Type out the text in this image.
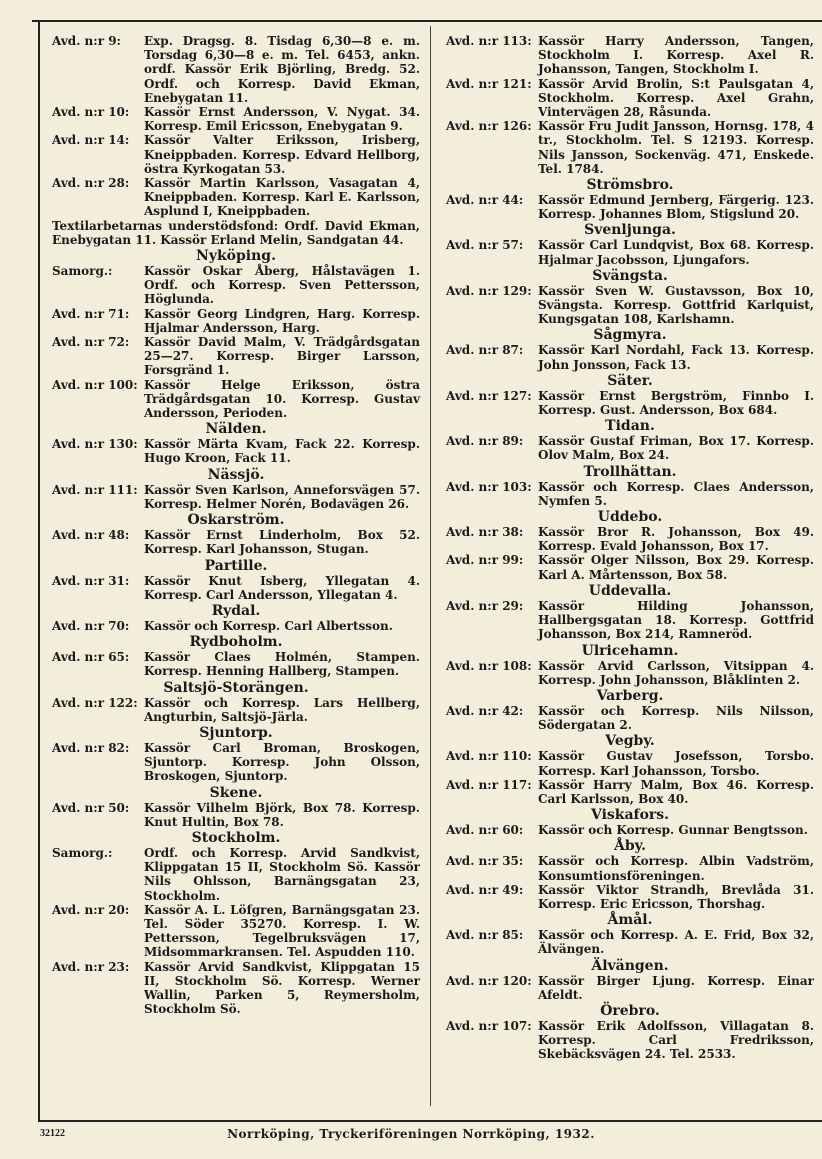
Avd. n:r 9:	Exp. Dragsg. 8. Tisdag 6,30—8 e. m. Torsdag 6,30—8 e. m. Tel. 6453, ankn. ordf. Kassör Erik Björling, Bredg. 52. Ordf. och Korresp. David Ekman, Enebygatan 11.
Avd. n:r 10:	Kassör Ernst Andersson, V. Nygat. 34. Korresp. Emil Ericsson, Enebygatan 9.
Avd. n:r 14:	Kassör Valter Eriksson, Irisberg, Kneippbaden. Korresp. Edvard Hellborg, östra Kyrkogatan 53.
Avd. n:r 28:	Kassör Martin Karlsson, Vasagatan 4, Kneippbaden. Korresp. Karl E. Karlsson, Asplund I, Kneippbaden.
Textilarbetarnas understödsfond: Ordf. David Ekman, Enebygatan 11. Kassör Erland Melin, Sandgatan 44.
Nyköping.
Samorg.:	Kassör Oskar Åberg, Hålstavägen 1. Ordf. och Korresp. Sven Pettersson, Höglunda.
Avd. n:r 71:	Kassör Georg Lindgren, Harg. Korresp. Hjalmar Andersson, Harg.
Avd. n:r 72:	Kassör David Malm, V. Trädgårdsgatan 25—27. Korresp. Birger Larsson, Forsgränd 1.
Avd. n:r 100: Kassör Helge Eriksson, östra Trädgårdsgatan 10. Korresp. Gustav Andersson, Perioden.
Nälden.
Avd. n:r 130: Kassör Märta Kvam, Fack 22. Korresp. Hugo Kroon, Fack 11.
Nässjö.
Avd. n:r 111: Kassör Sven Karlson, Anneforsvägen 57. Korresp. Helmer Norén, Bodavägen 26.
Oskarström.
Avd. n:r 48:	Kassör Ernst Linderholm, Box 52. Korresp. Karl Johansson, Stugan.
Partille.
Avd. n:r 31:	Kassör Knut Isberg, Yllegatan 4. Korresp. Carl Andersson, Yllegatan 4.
Rydal.
Avd. n:r 70:	Kassör och Korresp. Carl Albertsson.
Rydboholm.
Avd. n:r 65:	Kassör Claes Holmén, Stampen. Korresp. Henning Hallberg, Stampen.
Saltsjö-Storängen.
Avd. n:r 122: Kassör och Korresp. Lars Hellberg, Angturbin, Saltsjö-Järla.
Sjuntorp.
Avd. n:r 82:	Kassör Carl Broman, Broskogen, Sjuntorp. Korresp. John Olsson, Broskogen, Sjuntorp.
Skene.
Avd. n:r 50:	Kassör Vilhelm Björk, Box 78. Korresp. Knut Hultin, Box 78.
Stockholm.
Samorg.:	Ordf. och Korresp. Arvid Sandkvist, Klippgatan 15 II, Stockholm Sö. Kassör Nils Ohlsson, Barnängsgatan 23, Stockholm.
Avd. n:r 20:	Kassör A. L. Löfgren, Barnängsgatan 23. Tel. Söder 35270. Korresp. I. W. Pettersson, Tegelbruksvägen 17, Midsommarkransen. Tel. Aspudden 110.
Avd. n:r 23:	Kassör Arvid Sandkvist, Klippgatan 15 II, Stockholm Sö. Korresp. Werner Wallin, Parken 5, Reymersholm, Stockholm Sö.
Avd. n:r 113: Kassör Harry Andersson, Tangen, Stockholm I. Korresp. Axel R. Johansson, Tangen, Stockholm I.
Avd. n:r 121: Kassör Arvid Brolin, S:t Paulsgatan 4, Stockholm. Korresp. Axel Grahn, Vintervägen 28, Råsunda.
Avd. n:r 126: Kassör Fru Judit Jansson, Hornsg. 178, 4 tr., Stockholm. Tel. S 12193. Korresp. Nils Jansson, Sockenväg. 471, Enskede. Tel. 1784.
Strömsbro.
Avd. n:r 44:	Kassör Edmund Jernberg, Färgerig. 123. Korresp. Johannes Blom, Stigslund 20.
Svenljunga.
Avd. n:r 57:	Kassör Carl Lundqvist, Box 68. Korresp. Hjalmar Jacobsson, Ljungafors.
Svängsta.
Avd. n:r 129: Kassör Sven W. Gustavsson, Box 10, Svängsta. Korresp. Gottfrid Karlquist, Kungsgatan 108, Karlshamn.
Sågmyra.
Avd. n:r 87:	Kassör Karl Nordahl, Fack 13. Korresp. John Jonsson, Fack 13.
Säter.
Avd. n:r 127: Kassör Ernst Bergström, Finnbo I. Korresp. Gust. Andersson, Box 684.
Tidan.
Avd. n:r 89:	Kassör Gustaf Friman, Box 17. Korresp. Olov Malm, Box 24.
Trollhättan.
Avd. n:r 103: Kassör och Korresp. Claes Andersson, Nymfen 5.
Uddebo.
Avd. n:r 38:	Kassör Bror R. Johansson, Box 49. Korresp. Evald Johansson, Box 17.
Avd. n:r 99:	Kassör Olger Nilsson, Box 29. Korresp. Karl A. Mårtensson, Box 58.
Uddevalla.
Avd. n:r 29:	Kassör Hilding Johansson, Hallbergsgatan 18. Korresp. Gottfrid Johansson, Box 214, Ramneröd.
Ulricehamn.
Avd. n:r 108: Kassör Arvid Carlsson, Vitsippan 4. Korresp. John Johansson, Blåklinten 2.
Varberg.
Avd. n:r 42:	Kassör och Korresp. Nils Nilsson, Södergatan 2.
Vegby.
Avd. n:r 110: Kassör Gustav Josefsson, Torsbo. Korresp. Karl Johansson, Torsbo.
Avd. n:r 117: Kassör Harry Malm, Box 46. Korresp. Carl Karlsson, Box 40.
Viskafors.
Avd. n:r 60:	Kassör och Korresp. Gunnar Bengtsson.
Åby.
Avd. n:r 35:	Kassör och Korresp. Albin Vadström, Konsumtionsföreningen.
Avd. n:r 49:	Kassör Viktor Strandh, Brevlåda 31. Korresp. Eric Ericsson, Thorshag.
Åmål.
Avd. n:r 85:	Kassör och Korresp. A. E. Frid, Box 32, Älvängen.
Älvängen.
Avd. n:r 120: Kassör Birger Ljung. Korresp. Einar Afeldt.
Örebro.
Avd. n:r 107: Kassör Erik Adolfsson, Villagatan 8. Korresp. Carl Fredriksson, Skebäcksvägen 24. Tel. 2533.
32122	Norrköping, Tryckeriföreningen Norrköping, 1932.
